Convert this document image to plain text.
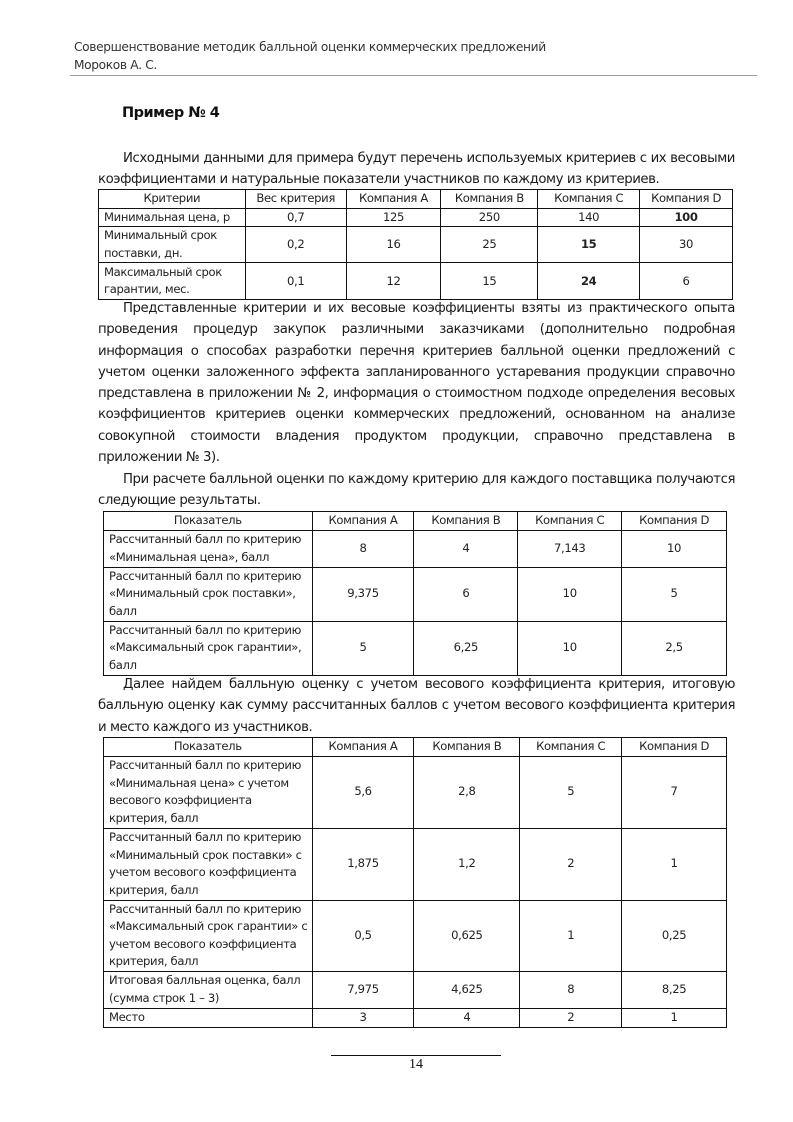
Совершенствование методик балльной оценки коммерческих предложений
Мороков А. С.
Пример № 4
Исходными данными для примера будут перечень используемых критериев с их весовыми коэффициентами и натуральные показатели участников по каждому из критериев.
Критерии	Вес критерия	Компания A	Компания B	Компания C	Компания D
Минимальная цена, р	0,7	125	250	140	100
Минимальный срок поставки, дн.	0,2	16	25	15	30
Максимальный срок гарантии, мес.	0,1	12	15	24	6
Представленные критерии и их весовые коэффициенты взяты из практического опыта проведения процедур закупок различными заказчиками (дополнительно подробная информация о способах разработки перечня критериев балльной оценки предложений с учетом оценки заложенного эффекта запланированного устаревания продукции справочно представлена в приложении № 2, информация о стоимостном подходе определения весовых коэффициентов критериев оценки коммерческих предложений, основанном на анализе совокупной стоимости владения продуктом продукции, справочно представлена в приложении № 3).
При расчете балльной оценки по каждому критерию для каждого поставщика получаются следующие результаты.
Показатель	Компания A	Компания B	Компания C	Компания D
Рассчитанный балл по критерию «Минимальная цена», балл	8	4	7,143	10
Рассчитанный балл по критерию «Минимальный срок поставки», балл	9,375	6	10	5
Рассчитанный балл по критерию «Максимальный срок гарантии», балл	5	6,25	10	2,5
Далее найдем балльную оценку с учетом весового коэффициента критерия, итоговую балльную оценку как сумму рассчитанных баллов с учетом весового коэффициента критерия и место каждого из участников.
Показатель	Компания A	Компания B	Компания C	Компания D
Рассчитанный балл по критерию «Минимальная цена» с учетом весового коэффициента критерия, балл	5,6	2,8	5	7
Рассчитанный балл по критерию «Минимальный срок поставки» с учетом весового коэффициента критерия, балл	1,875	1,2	2	1
Рассчитанный балл по критерию «Максимальный срок гарантии» с учетом весового коэффициента критерия, балл	0,5	0,625	1	0,25
Итоговая балльная оценка, балл (сумма строк 1 – 3)	7,975	4,625	8	8,25
Место	3	4	2	1
14
